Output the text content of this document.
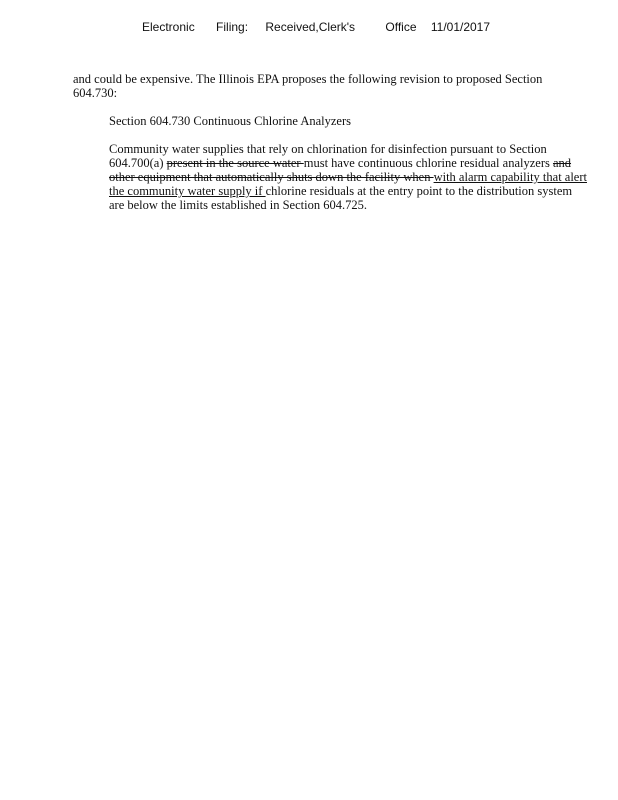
Electronic Filing: Received,Clerk's	Office 11/01/2017
and could be expensive. The Illinois EPA proposes the following revision to proposed Section 604.730:
Section 604.730 Continuous Chlorine Analyzers
Community water supplies that rely on chlorination for disinfection pursuant to Section 604.700(a) present in the source water must have continuous chlorine residual analyzers and other equipment that automatically shuts down the facility when with alarm capability that alert the community water supply if chlorine residuals at the entry point to the distribution system are below the limits established in Section 604.725.
